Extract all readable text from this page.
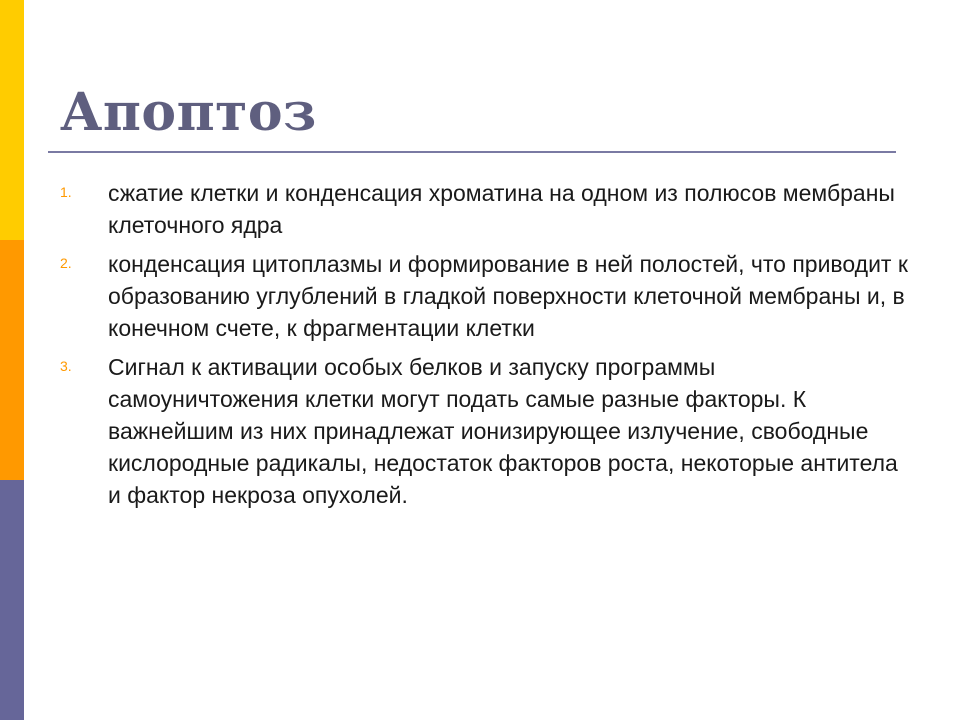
Апоптоз
1. сжатие клетки и конденсация хроматина на одном из полюсов мембраны клеточного ядра
2. конденсация цитоплазмы и формирование в ней полостей, что приводит к образованию углублений в гладкой поверхности клеточной мембраны и, в конечном счете, к фрагментации клетки
3. Сигнал к активации особых белков и запуску программы самоуничтожения клетки могут подать самые разные факторы. К важнейшим из них принадлежат ионизирующее излучение, свободные кислородные радикалы, недостаток факторов роста, некоторые антитела и фактор некроза опухолей.
